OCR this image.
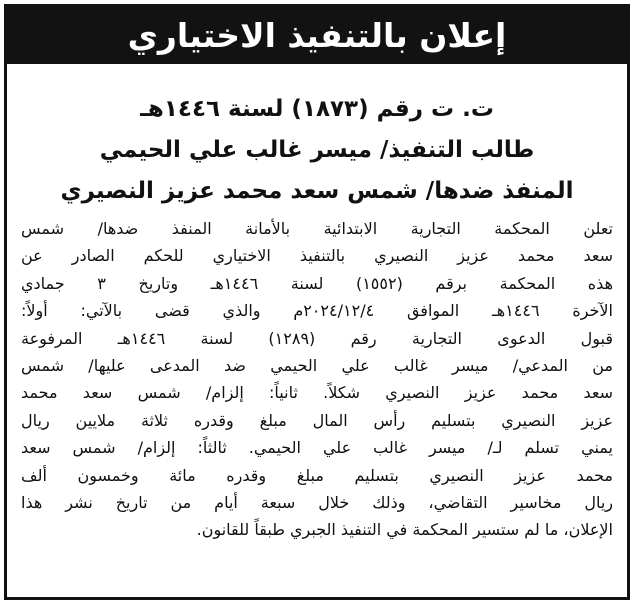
إعلان بالتنفيذ الاختياري
ت. ت رقم (١٨٧٣) لسنة ١٤٤٦هـ
طالب التنفيذ/ ميسر غالب علي الحيمي
المنفذ ضدها/ شمس سعد محمد عزيز النصيري
تعلن المحكمة التجارية الابتدائية بالأمانة المنفذ ضدها/ شمس
سعد محمد عزيز النصيري بالتنفيذ الاختياري للحكم الصادر عن
هذه المحكمة برقم (١٥٥٢) لسنة ١٤٤٦هـ وتاريخ ٣ جمادي
الآخرة ١٤٤٦هـ الموافق ٢٠٢٤/١٢/٤م والذي قضى بالآتي: أولاً:
قبول الدعوى التجارية رقم (١٢٨٩) لسنة ١٤٤٦هـ المرفوعة
من المدعي/ ميسر غالب علي الحيمي ضد المدعى عليها/ شمس
سعد محمد عزيز النصيري شكلاً. ثانياً: إلزام/ شمس سعد محمد
عزيز النصيري بتسليم رأس المال مبلغ وقدره ثلاثة ملايين ريال
يمني تسلم لـ/ ميسر غالب علي الحيمي. ثالثاً: إلزام/ شمس سعد
محمد عزيز النصيري بتسليم مبلغ وقدره مائة وخمسون ألف
ريال مخاسير التقاضي، وذلك خلال سبعة أيام من تاريخ نشر هذا
الإعلان، ما لم ستسير المحكمة في التنفيذ الجبري طبقاً للقانون.
